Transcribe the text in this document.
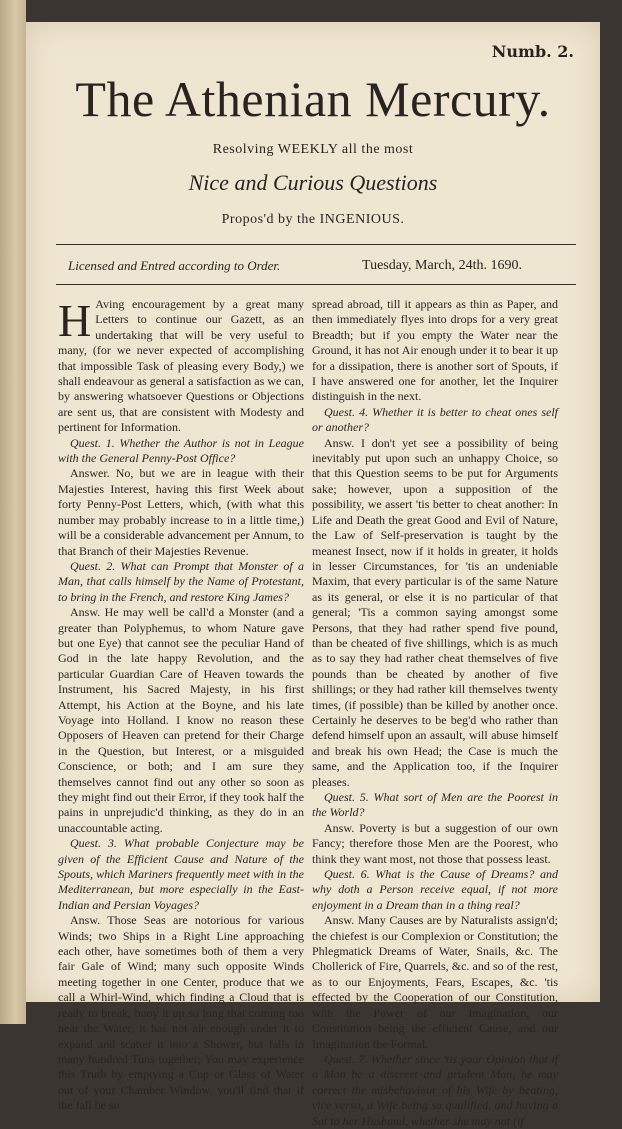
Numb. 2.
The Athenian Mercury.
Resolving WEEKLY all the most
Nice and Curious Questions
Propos'd by the INGENIOUS.
Licensed and Entred according to Order.	Tuesday, March, 24th. 1690.

H Aving encouragement by a great many Letters to continue our Gazett, as an undertaking that will be very useful to many, (for we never expected of accomplishing that impossible Task of pleasing every Body,) we shall endeavour as general a satisfaction as we can, by answering whatsoever Questions or Objections are sent us, that are consistent with Modesty and pertinent for Information.

Quest. 1. Whether the Author is not in League with the General Penny-Post Office?

Answer. No, but we are in league with their Majesties Interest, having this first Week about forty Penny-Post Letters, which, (with what this number may probably increase to in a little time,) will be a considerable advancement per Annum, to that Branch of their Majesties Revenue.

Quest. 2. What can Prompt that Monster of a Man, that calls himself by the Name of Protestant, to bring in the French, and restore King James?

Answ. He may well be call'd a Monster (and a greater than Polyphemus, to whom Nature gave but one Eye) that cannot see the peculiar Hand of God in the late happy Revolution, and the particular Guardian Care of Heaven towards the Instrument, his Sacred Majesty, in his first Attempt, his Action at the Boyne, and his late Voyage into Holland. I know no reason these Opposers of Heaven can pretend for their Charge in the Question, but Interest, or a misguided Conscience, or both; and I am sure they themselves cannot find out any other so soon as they might find out their Error, if they took half the pains in unprejudic'd thinking, as they do in an unaccountable acting.

Quest. 3. What probable Conjecture may be given of the Efficient Cause and Nature of the Spouts, which Mariners frequently meet with in the Mediterranean, but more especially in the East-Indian and Persian Voyages?

Answ. Those Seas are notorious for various Winds; two Ships in a Right Line approaching each other, have sometimes both of them a very fair Gale of Wind; many such opposite Winds meeting together in one Center, produce that we call a Whirl-Wind, which finding a Cloud that is ready to break, buoy it up so long that coming too near the Water, it has not air enough under it to expand and scatter it into a Shower, but falls in many hundred Tuns together; You may experience this Truth by emptying a Cup or Glass of Water out of your Chamber Window, you'll find that if the fall be so

spread abroad, till it appears as thin as Paper, and then immediately flyes into drops for a very great Breadth; but if you empty the Water near the Ground, it has not Air enough under it to bear it up for a dissipation, there is another sort of Spouts, if I have answered one for another, let the Inquirer distinguish in the next.

Quest. 4. Whether it is better to cheat ones self or another?

Answ. I don't yet see a possibility of being inevitably put upon such an unhappy Choice, so that this Question seems to be put for Arguments sake; however, upon a supposition of the possibility, we assert 'tis better to cheat another: In Life and Death the great Good and Evil of Nature, the Law of Self-preservation is taught by the meanest Insect, now if it holds in greater, it holds in lesser Circumstances, for 'tis an undeniable Maxim, that every particular is of the same Nature as its general, or else it is no particular of that general; 'Tis a common saying amongst some Persons, that they had rather spend five pound, than be cheated of five shillings, which is as much as to say they had rather cheat themselves of five pounds than be cheated by another of five shillings; or they had rather kill themselves twenty times, (if possible) than be killed by another once. Certainly he deserves to be beg'd who rather than defend himself upon an assault, will abuse himself and break his own Head; the Case is much the same, and the Application too, if the Inquirer pleases.

Quest. 5. What sort of Men are the Poorest in the World?

Answ. Poverty is but a suggestion of our own Fancy; therefore those Men are the Poorest, who think they want most, not those that possess least.

Quest. 6. What is the Cause of Dreams? and why doth a Person receive equal, if not more enjoyment in a Dream than in a thing real?

Answ. Many Causes are by Naturalists assign'd; the chiefest is our Complexion or Constitution; the Phlegmatick Dreams of Water, Snails, &c. The Chollerick of Fire, Quarrels, &c. and so of the rest, as to our Enjoyments, Fears, Escapes, &c. 'tis effected by the Cooperation of our Constitution, with the Power of our Imagination, our Constitution being the efficient Cause, and our Imagination the Formal.

Quest. 7. Whether since 'tis your Opinion that if a Man be a discreet and prudent Man, he may correct the misbehaviour of his Wife by beating, vice versa, a Wife being so qualified, and having a Sot to her Husband, whether she may not (if
